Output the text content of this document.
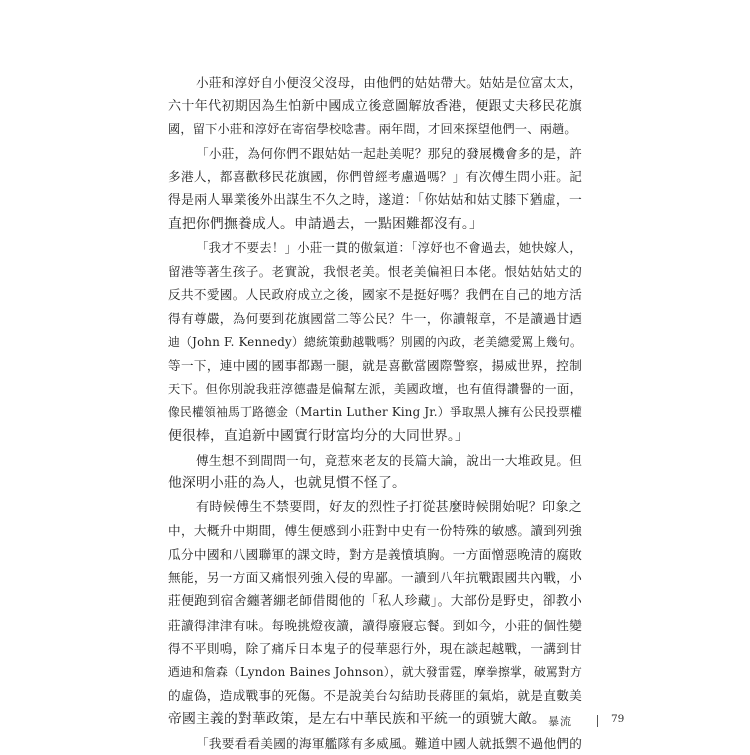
小莊和淳妤自小便沒父沒母，由他們的姑姑帶大。姑姑是位富太太，
六十年代初期因為生怕新中國成立後意圖解放香港，便跟丈夫移民花旗
國，留下小莊和淳妤在寄宿學校唸書。兩年間，才回來探望他們一、兩趟。
「小莊，為何你們不跟姑姑一起赴美呢？那兒的發展機會多的是，許
多港人，都喜歡移民花旗國，你們曾經考慮過嗎？」有次傅生問小莊。記
得是兩人畢業後外出謀生不久之時，遂道：「你姑姑和姑丈膝下猶虛，一
直把你們撫養成人。申請過去，一點困難都沒有。」
「我才不要去！」小莊一貫的傲氣道：「淳妤也不會過去，她快嫁人，
留港等著生孩子。老實說，我恨老美。恨老美偏袒日本佬。恨姑姑姑丈的
反共不愛國。人民政府成立之後，國家不是挺好嗎？我們在自己的地方活
得有尊嚴，為何要到花旗國當二等公民？牛一，你讀報章，不是讀過甘迺
迪（John F. Kennedy）總統策動越戰嗎？別國的內政，老美總愛罵上幾句。
等一下，連中國的國事都踢一腿，就是喜歡當國際警察，揚威世界，控制
天下。但你別說我莊淳德盡是偏幫左派，美國政壇，也有值得讚譽的一面，
像民權領袖馬丁路德金（Martin Luther King Jr.）爭取黑人擁有公民投票權
便很棒，直追新中國實行財富均分的大同世界。」
傅生想不到間問一句，竟惹來老友的長篇大論，說出一大堆政見。但
他深明小莊的為人，也就見慣不怪了。
有時候傅生不禁要問，好友的烈性子打從甚麼時候開始呢？印象之
中，大概升中期間，傅生便感到小莊對中史有一份特殊的敏感。讀到列強
瓜分中國和八國聯軍的課文時，對方是義憤填胸。一方面憎惡晚清的腐敗
無能，另一方面又痛恨列強入侵的卑鄙。一讀到八年抗戰跟國共內戰，小
莊便跑到宿舍纏著綳老師借閱他的「私人珍藏」。大部份是野史，卻教小
莊讀得津津有味。每晚挑燈夜讀，讀得廢寢忘餐。到如今，小莊的個性變
得不平則鳴，除了痛斥日本鬼子的侵華惡行外，現在談起越戰，一講到甘
迺迪和詹森（Lyndon Baines Johnson），就大發雷霆，摩拳擦掌，破罵對方
的虛偽，造成戰事的死傷。不是說美台勾結助長蔣匪的氣焰，就是直數美
帝國主義的對華政策，是左右中華民族和平統一的頭號大敵。
「我要看看美國的海軍艦隊有多威風。難道中國人就抵禦不過他們的
暴流	79
